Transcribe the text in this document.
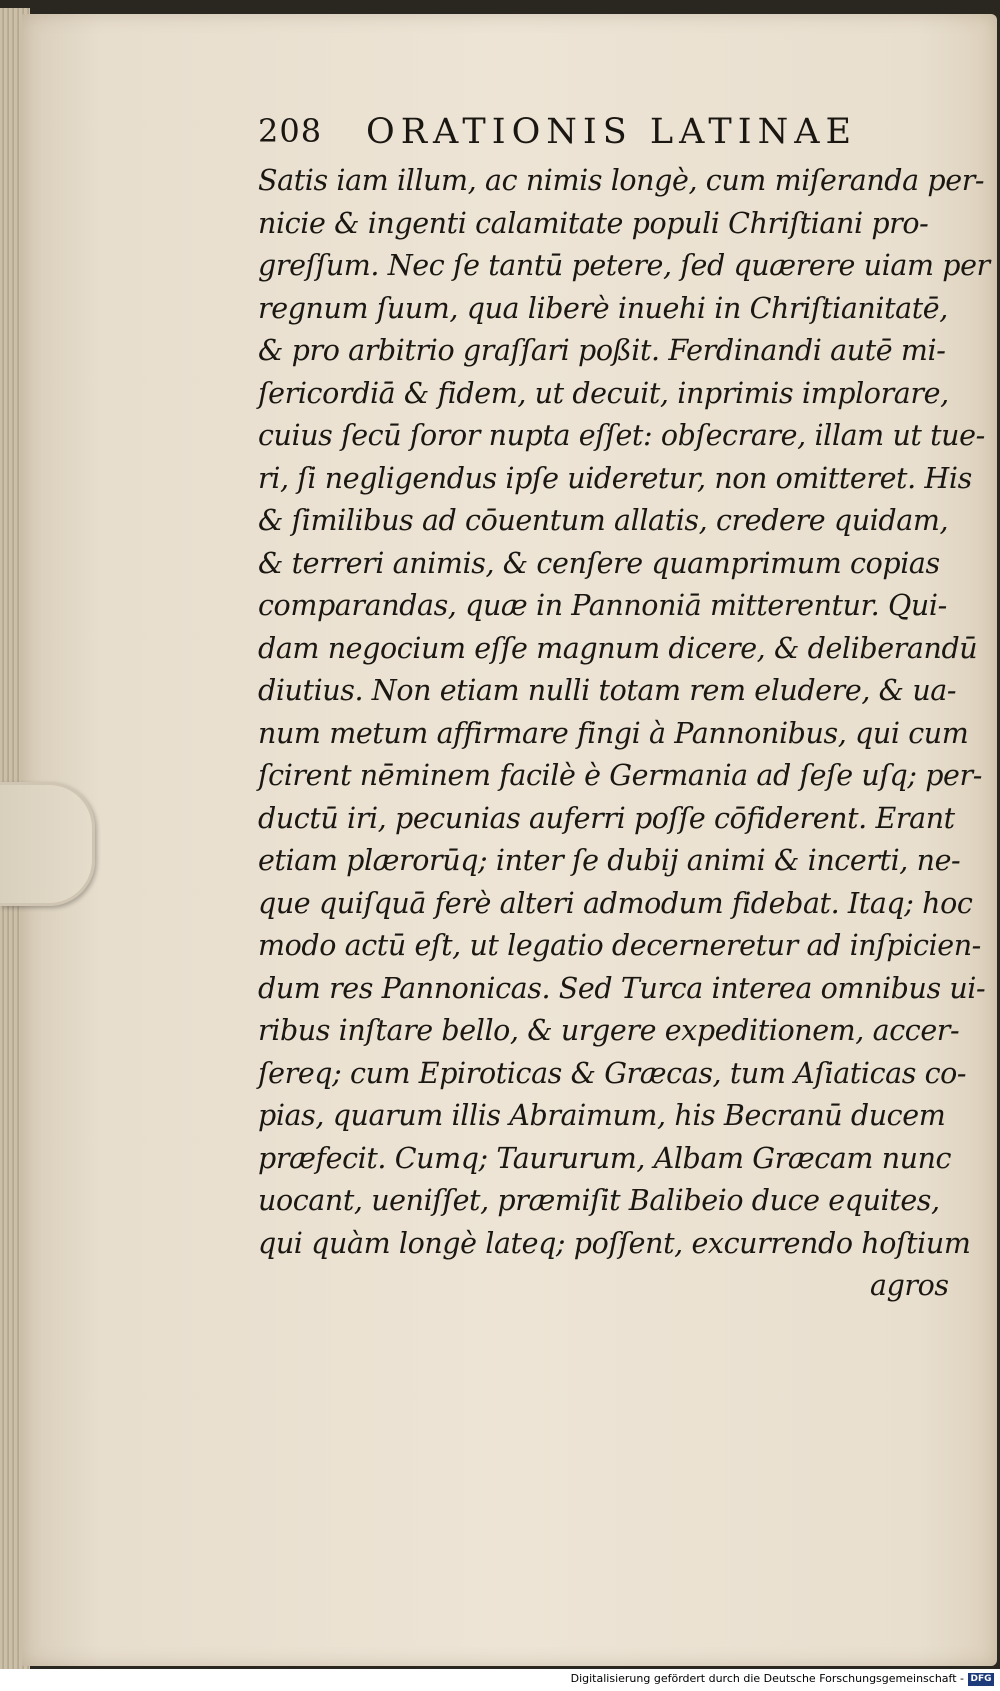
208 ORATIONIS LATINAE
Satis iam illum, ac nimis longè, cum miſeranda per-
nicie & ingenti calamitate populi Chriſtiani pro-
greſſum. Nec ſe tantū petere, ſed quærere uiam per
regnum ſuum, qua liberè inuehi in Chriſtianitatē,
& pro arbitrio graſſari poßit. Ferdinandi autē mi-
ſericordiā & fidem, ut decuit, inprimis implorare,
cuius ſecū ſoror nupta eſſet: obſecrare, illam ut tue-
ri, ſi negligendus ipſe uideretur, non omitteret. His
& ſimilibus ad cōuentum allatis, credere quidam,
& terreri animis, & cenſere quamprimum copias
comparandas, quæ in Pannoniā mitterentur. Qui-
dam negocium eſſe magnum dicere, & deliberandū
diutius. Non etiam nulli totam rem eludere, & ua-
num metum affirmare fingi à Pannonibus, qui cum
ſcirent nēminem facilè è Germania ad ſeſe uſq; per-
ductū iri, pecunias auferri poſſe cōfiderent. Erant
etiam plærorūq; inter ſe dubij animi & incerti, ne-
que quiſquā ferè alteri admodum fidebat. Itaq; hoc
modo actū eſt, ut legatio decerneretur ad inſpicien-
dum res Pannonicas. Sed Turca interea omnibus ui-
ribus inſtare bello, & urgere expeditionem, accer-
ſereq; cum Epiroticas & Græcas, tum Aſiaticas co-
pias, quarum illis Abraimum, his Becranū ducem
præfecit. Cumq; Taururum, Albam Græcam nunc
uocant, ueniſſet, præmiſit Balibeio duce equites,
qui quàm longè lateq; poſſent, excurrendo hoſtium
agros
Digitalisierung gefördert durch die Deutsche Forschungsgemeinschaft - DFG
